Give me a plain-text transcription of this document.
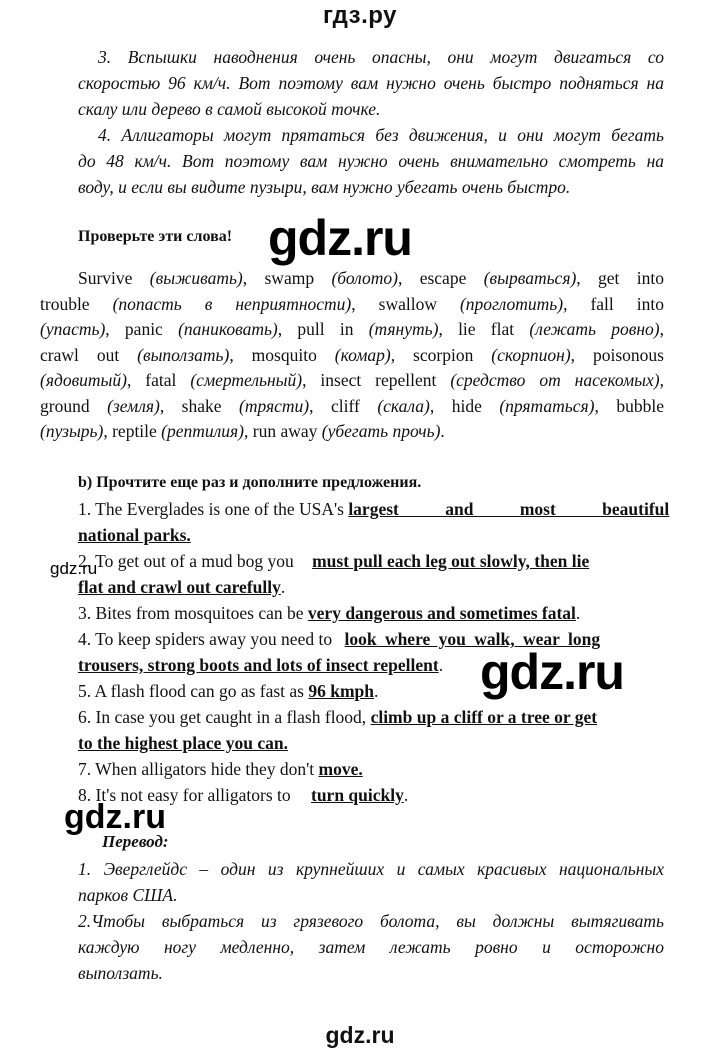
гдз.ру
3. Вспышки наводнения очень опасны, они могут двигаться со
скоростью 96 км/ч. Вот поэтому вам нужно очень быстро подняться на
скалу или дерево в самой высокой точке.
4. Аллигаторы могут прятаться без движения, и они могут бегать
до 48 км/ч. Вот поэтому вам нужно очень внимательно смотреть на
воду, и если вы видите пузыри, вам нужно убегать очень быстро.
Проверьте эти слова! gdz.ru
Survive (выживать), swamp (болото), escape (вырваться), get into
trouble (попасть в неприятности), swallow (проглотить), fall into
(упасть), panic (паниковать), pull in (тянуть), lie flat (лежать ровно),
crawl out (выползать), mosquito (комар), scorpion (скорпион), poisonous
(ядовитый), fatal (смертельный), insect repellent (средство от насекомых),
ground (земля), shake (трясти), cliff (скала), hide (прятаться), bubble
(пузырь), reptile (рептилия), run away (убегать прочь).
b) Прочтите еще раз и дополните предложения.
1. The Everglades is one of the USA's largest and most beautiful
national parks.
gdz.ru
2. To get out of a mud bog you must pull each leg out slowly, then lie
flat and crawl out carefully.
3. Bites from mosquitoes can be very dangerous and sometimes fatal.
4. To keep spiders away you need to look where you walk, wear long
trousers, strong boots and lots of insect repellent. gdz.ru
5. A flash flood can go as fast as 96 kmph.
6. In case you get caught in a flash flood, climb up a cliff or a tree or get
to the highest place you can.
7. When alligators hide they don't move.
8. It's not easy for alligators to turn quickly.
gdz.ru
Перевод:
1. Эверглейдс – один из крупнейших и самых красивых национальных
парков США.
2.Чтобы выбраться из грязевого болота, вы должны вытягивать
каждую ногу медленно, затем лежать ровно и осторожно
выползать.
gdz.ru
